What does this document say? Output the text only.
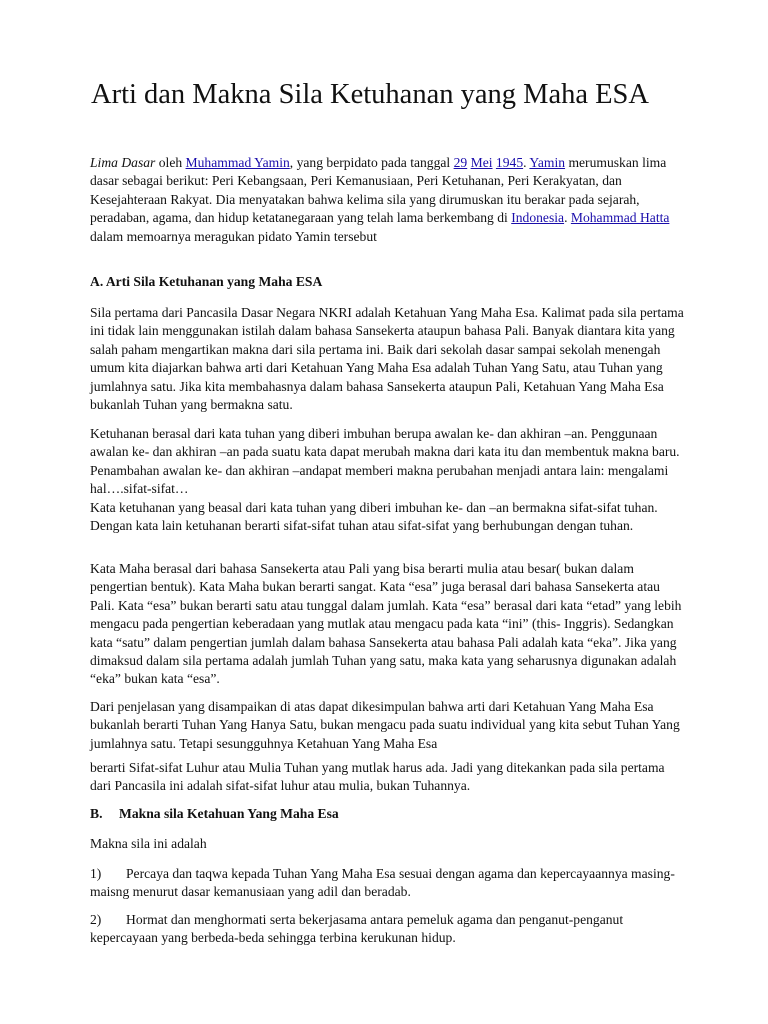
Arti dan Makna Sila Ketuhanan yang Maha ESA

Lima Dasar oleh Muhammad Yamin, yang berpidato pada tanggal 29 Mei 1945. Yamin merumuskan lima dasar sebagai berikut: Peri Kebangsaan, Peri Kemanusiaan, Peri Ketuhanan, Peri Kerakyatan, dan Kesejahteraan Rakyat. Dia menyatakan bahwa kelima sila yang dirumuskan itu berakar pada sejarah, peradaban, agama, dan hidup ketatanegaraan yang telah lama berkembang di Indonesia. Mohammad Hatta dalam memoarnya meragukan pidato Yamin tersebut

A. Arti Sila Ketuhanan yang Maha ESA

Sila pertama dari Pancasila Dasar Negara NKRI adalah Ketahuan Yang Maha Esa. Kalimat pada sila pertama ini tidak lain menggunakan istilah dalam bahasa Sansekerta ataupun bahasa Pali. Banyak diantara kita yang salah paham mengartikan makna dari sila pertama ini. Baik dari sekolah dasar sampai sekolah menengah umum kita diajarkan bahwa arti dari Ketahuan Yang Maha Esa adalah Tuhan Yang Satu, atau Tuhan yang jumlahnya satu. Jika kita membahasnya dalam bahasa Sansekerta ataupun Pali, Ketahuan Yang Maha Esa bukanlah Tuhan yang bermakna satu.

Ketuhanan berasal dari kata tuhan yang diberi imbuhan berupa awalan ke- dan akhiran –an. Penggunaan awalan ke- dan akhiran –an pada suatu kata dapat merubah makna dari kata itu dan membentuk makna baru. Penambahan awalan ke- dan akhiran –andapat memberi makna perubahan menjadi antara lain: mengalami hal….sifat-sifat…

Kata ketuhanan yang beasal dari kata tuhan yang diberi imbuhan ke- dan –an bermakna sifat-sifat tuhan. Dengan kata lain ketuhanan berarti sifat-sifat tuhan atau sifat-sifat yang berhubungan dengan tuhan.

Kata Maha berasal dari bahasa Sansekerta atau Pali yang bisa berarti mulia atau besar( bukan dalam pengertian bentuk). Kata Maha bukan berarti sangat. Kata “esa” juga berasal dari bahasa Sansekerta atau Pali. Kata “esa” bukan berarti satu atau tunggal dalam jumlah. Kata “esa” berasal dari kata “etad” yang lebih mengacu pada pengertian keberadaan yang mutlak atau mengacu pada kata “ini” (this- Inggris). Sedangkan kata “satu” dalam pengertian jumlah dalam bahasa Sansekerta atau bahasa Pali adalah kata “eka”. Jika yang dimaksud dalam sila pertama adalah jumlah Tuhan yang satu, maka kata yang seharusnya digunakan adalah “eka” bukan kata “esa”.

Dari penjelasan yang disampaikan di atas dapat dikesimpulan bahwa arti dari Ketahuan Yang Maha Esa bukanlah berarti Tuhan Yang Hanya Satu, bukan mengacu pada suatu individual yang kita sebut Tuhan Yang jumlahnya satu. Tetapi sesungguhnya Ketahuan Yang Maha Esa

berarti Sifat-sifat Luhur atau Mulia Tuhan yang mutlak harus ada. Jadi yang ditekankan pada sila pertama dari Pancasila ini adalah sifat-sifat luhur atau mulia, bukan Tuhannya.

B. Makna sila Ketahuan Yang Maha Esa

Makna sila ini adalah

1) Percaya dan taqwa kepada Tuhan Yang Maha Esa sesuai dengan agama dan kepercayaannya masing-maisng menurut dasar kemanusiaan yang adil dan beradab.

2) Hormat dan menghormati serta bekerjasama antara pemeluk agama dan penganut-penganut kepercayaan yang berbeda-beda sehingga terbina kerukunan hidup.
